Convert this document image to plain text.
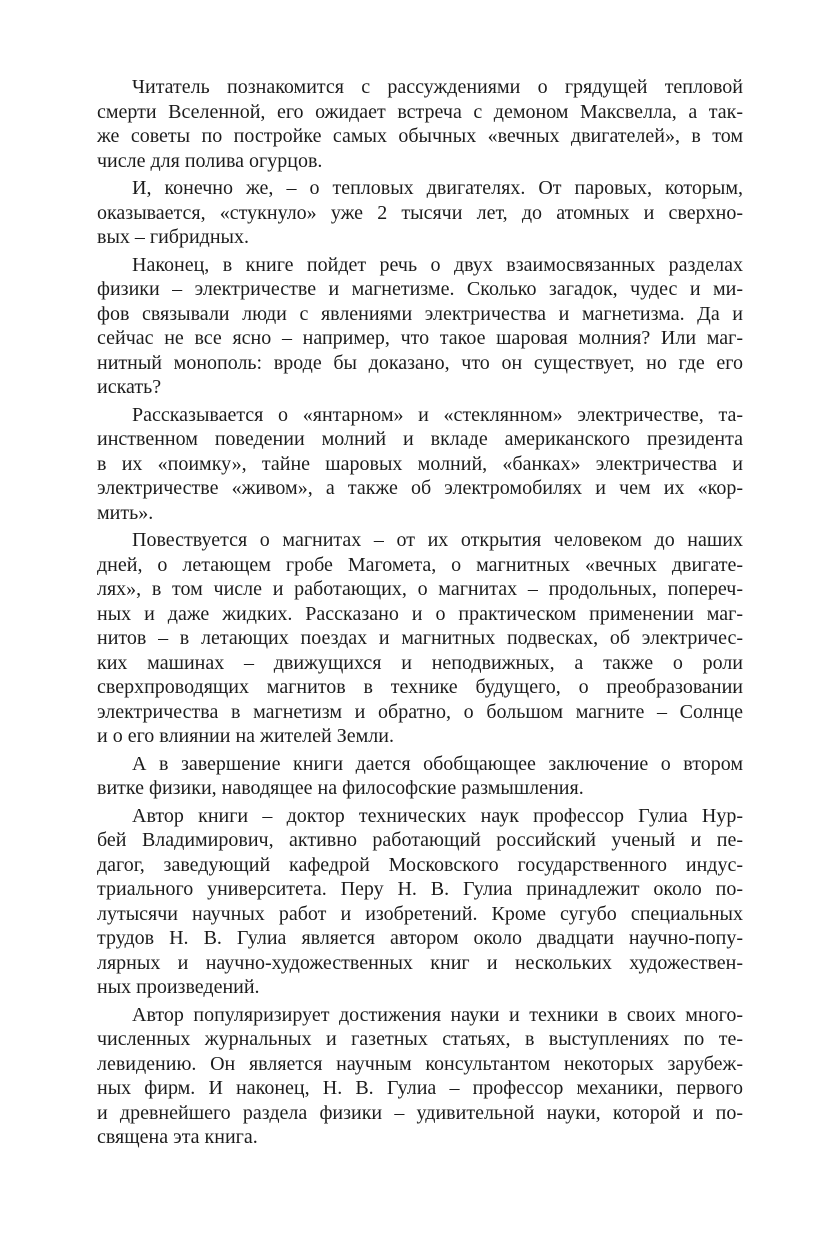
Читатель познакомится с рассуждениями о грядущей тепловой
смерти Вселенной, его ожидает встреча с демоном Максвелла, а так-
же советы по постройке самых обычных «вечных двигателей», в том
числе для полива огурцов.
И, конечно же, – о тепловых двигателях. От паровых, которым,
оказывается, «стукнуло» уже 2 тысячи лет, до атомных и сверхно-
вых – гибридных.
Наконец, в книге пойдет речь о двух взаимосвязанных разделах
физики – электричестве и магнетизме. Сколько загадок, чудес и ми-
фов связывали люди с явлениями электричества и магнетизма. Да и
сейчас не все ясно – например, что такое шаровая молния? Или маг-
нитный монополь: вроде бы доказано, что он существует, но где его
искать?
Рассказывается о «янтарном» и «стеклянном» электричестве, та-
инственном поведении молний и вкладе американского президента
в их «поимку», тайне шаровых молний, «банках» электричества и
электричестве «живом», а также об электромобилях и чем их «кор-
мить».
Повествуется о магнитах – от их открытия человеком до наших
дней, о летающем гробе Магомета, о магнитных «вечных двигате-
лях», в том числе и работающих, о магнитах – продольных, попереч-
ных и даже жидких. Рассказано и о практическом применении маг-
нитов – в летающих поездах и магнитных подвесках, об электричес-
ких машинах – движущихся и неподвижных, а также о роли
сверхпроводящих магнитов в технике будущего, о преобразовании
электричества в магнетизм и обратно, о большом магните – Солнце
и о его влиянии на жителей Земли.
А в завершение книги дается обобщающее заключение о втором
витке физики, наводящее на философские размышления.
Автор книги – доктор технических наук профессор Гулиа Нур-
бей Владимирович, активно работающий российский ученый и пе-
дагог, заведующий кафедрой Московского государственного индус-
триального университета. Перу Н. В. Гулиа принадлежит около по-
лутысячи научных работ и изобретений. Кроме сугубо специальных
трудов Н. В. Гулиа является автором около двадцати научно-попу-
лярных и научно-художественных книг и нескольких художествен-
ных произведений.
Автор популяризирует достижения науки и техники в своих много-
численных журнальных и газетных статьях, в выступлениях по те-
левидению. Он является научным консультантом некоторых зарубеж-
ных фирм. И наконец, Н. В. Гулиа – профессор механики, первого
и древнейшего раздела физики – удивительной науки, которой и по-
священа эта книга.
